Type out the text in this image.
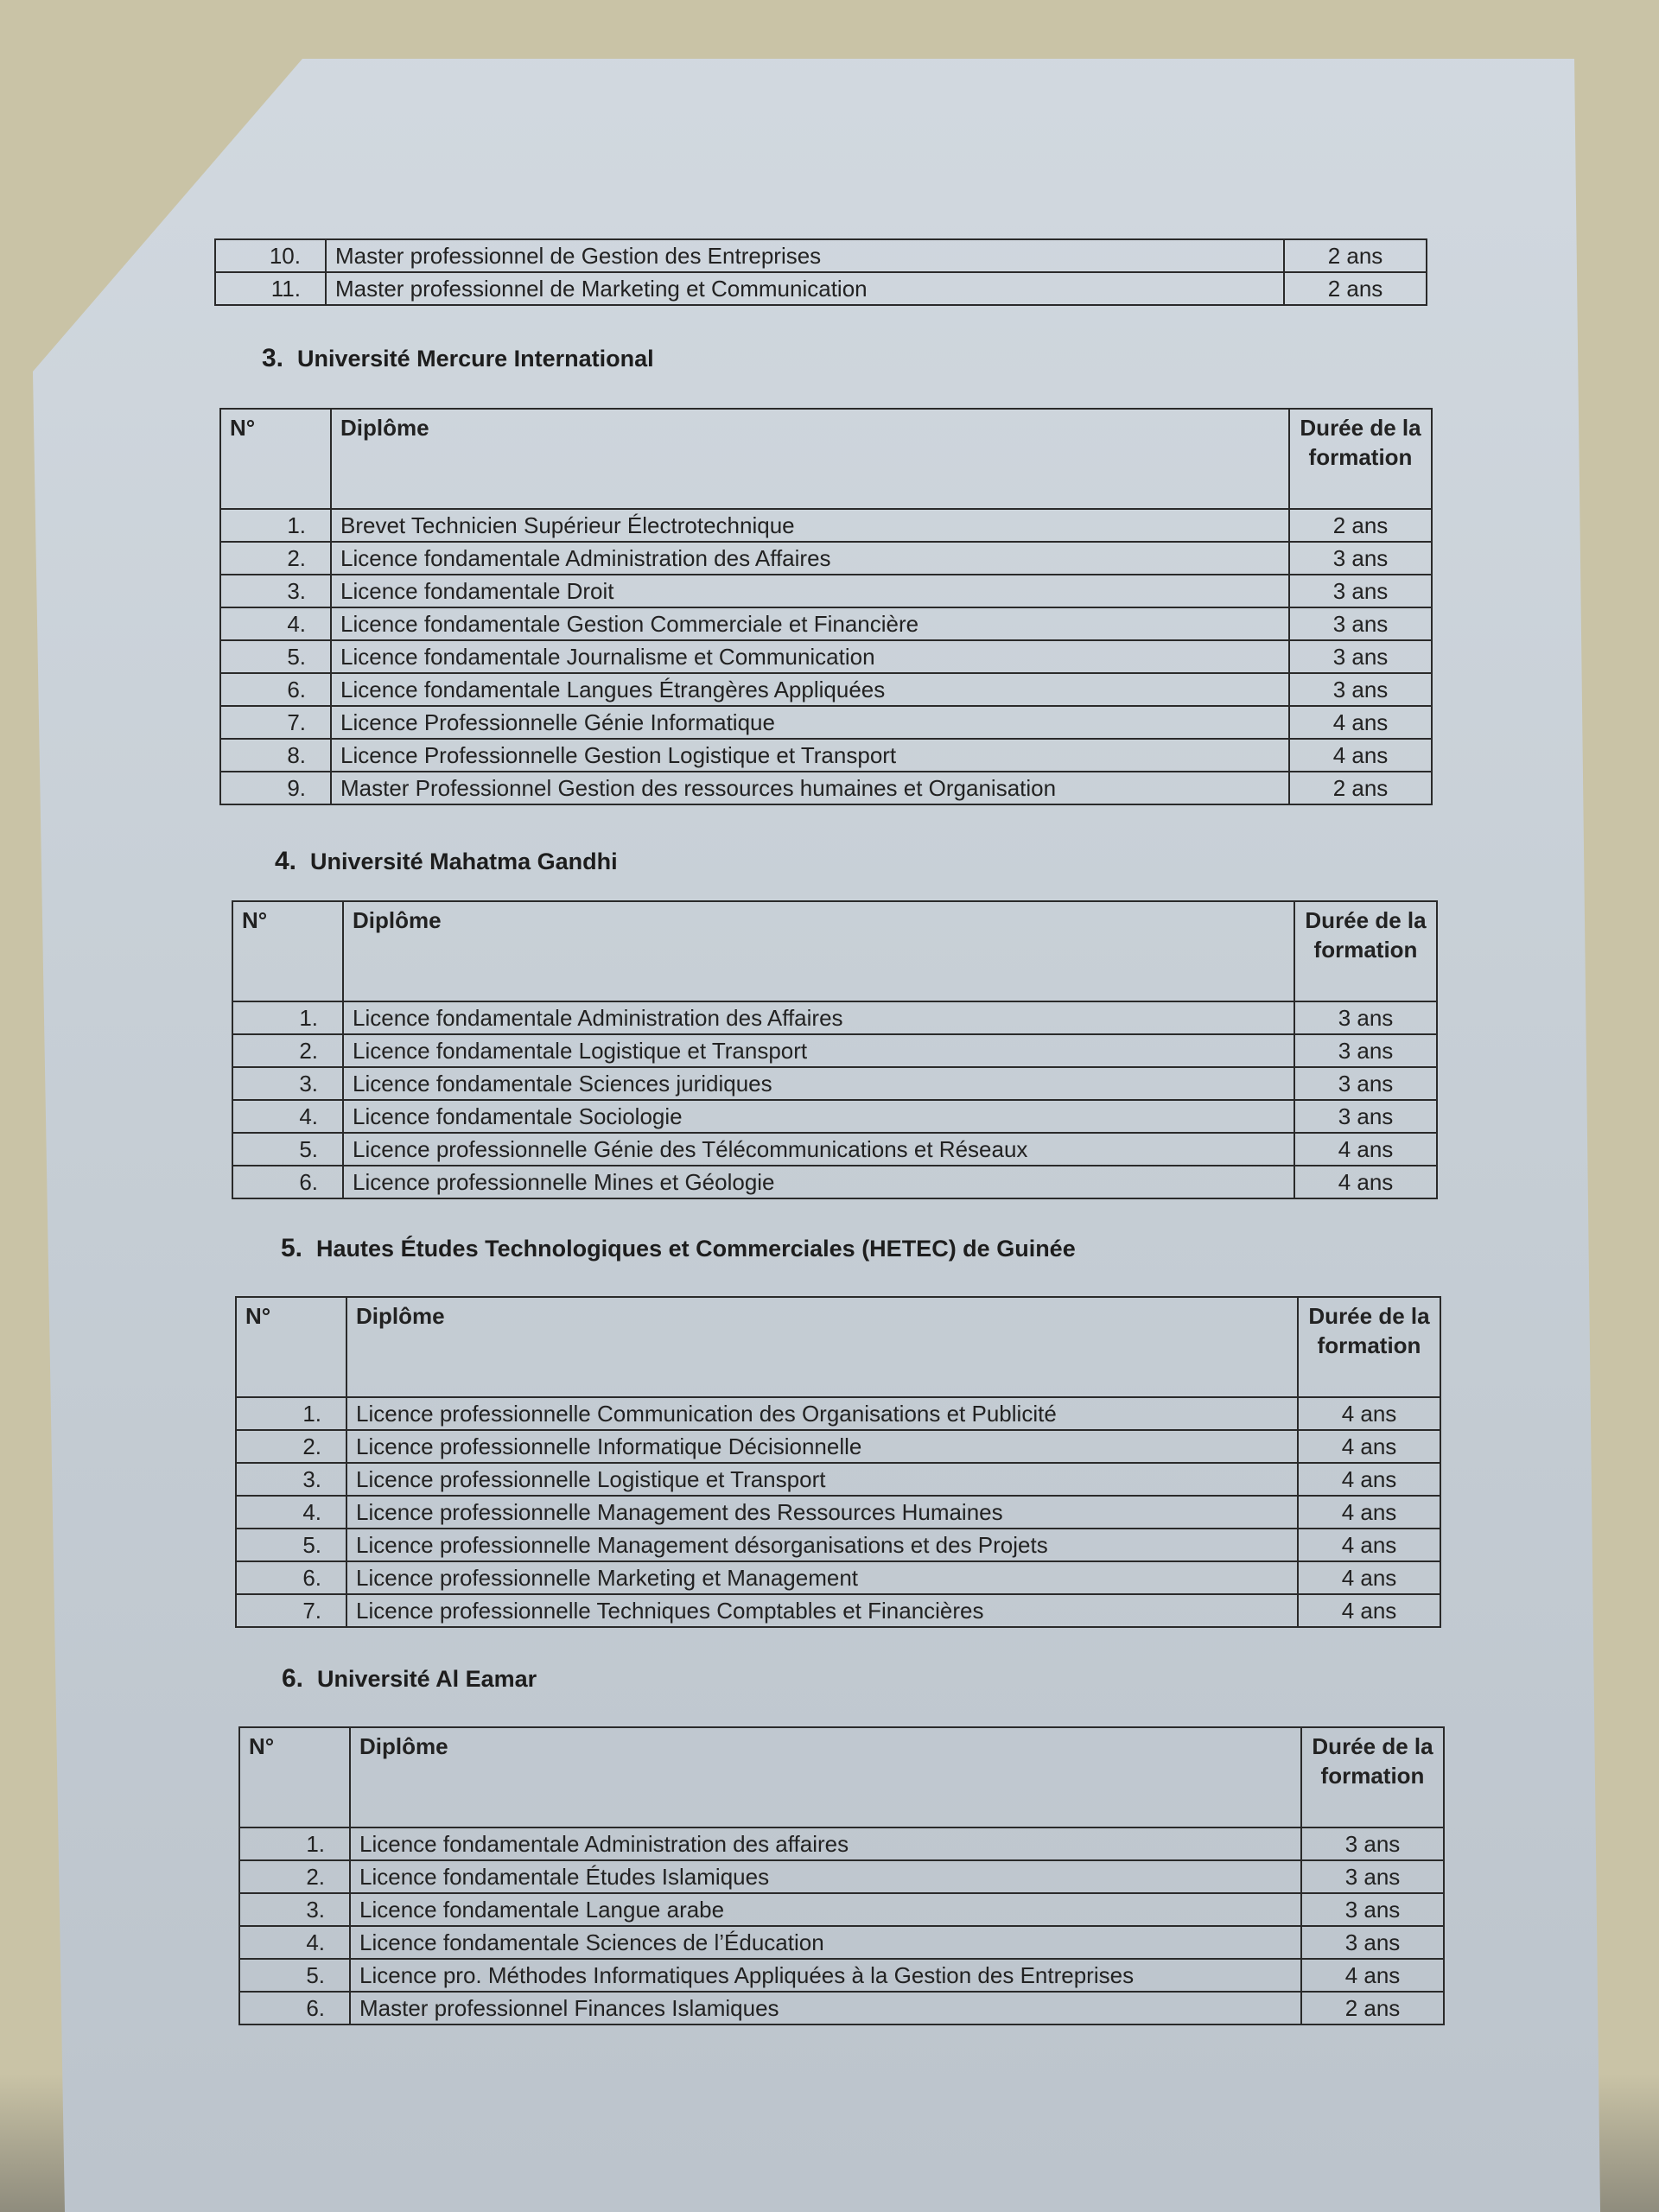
10.	Master professionnel de Gestion des Entreprises	2 ans
11.	Master professionnel de Marketing et Communication	2 ans
3. Université Mercure International
N°	Diplôme	Durée de la formation
1.	Brevet Technicien Supérieur Électrotechnique	2 ans
2.	Licence fondamentale Administration des Affaires	3 ans
3.	Licence fondamentale Droit	3 ans
4.	Licence fondamentale Gestion Commerciale et Financière	3 ans
5.	Licence fondamentale Journalisme et Communication	3 ans
6.	Licence fondamentale Langues Étrangères Appliquées	3 ans
7.	Licence Professionnelle Génie Informatique	4 ans
8.	Licence Professionnelle Gestion Logistique et Transport	4 ans
9.	Master Professionnel Gestion des ressources humaines et Organisation	2 ans
4. Université Mahatma Gandhi
N°	Diplôme	Durée de la formation
1.	Licence fondamentale Administration des Affaires	3 ans
2.	Licence fondamentale Logistique et Transport	3 ans
3.	Licence fondamentale Sciences juridiques	3 ans
4.	Licence fondamentale Sociologie	3 ans
5.	Licence professionnelle Génie des Télécommunications et Réseaux	4 ans
6.	Licence professionnelle Mines et Géologie	4 ans
5. Hautes Études Technologiques et Commerciales (HETEC) de Guinée
N°	Diplôme	Durée de la formation
1.	Licence professionnelle Communication des Organisations et Publicité	4 ans
2.	Licence professionnelle Informatique Décisionnelle	4 ans
3.	Licence professionnelle Logistique et Transport	4 ans
4.	Licence professionnelle Management des Ressources Humaines	4 ans
5.	Licence professionnelle Management désorganisations et des Projets	4 ans
6.	Licence professionnelle Marketing et Management	4 ans
7.	Licence professionnelle Techniques Comptables et Financières	4 ans
6. Université Al Eamar
N°	Diplôme	Durée de la formation
1.	Licence fondamentale Administration des affaires	3 ans
2.	Licence fondamentale Études Islamiques	3 ans
3.	Licence fondamentale Langue arabe	3 ans
4.	Licence fondamentale Sciences de l’Éducation	3 ans
5.	Licence pro. Méthodes Informatiques Appliquées à la Gestion des Entreprises	4 ans
6.	Master professionnel Finances Islamiques	2 ans
